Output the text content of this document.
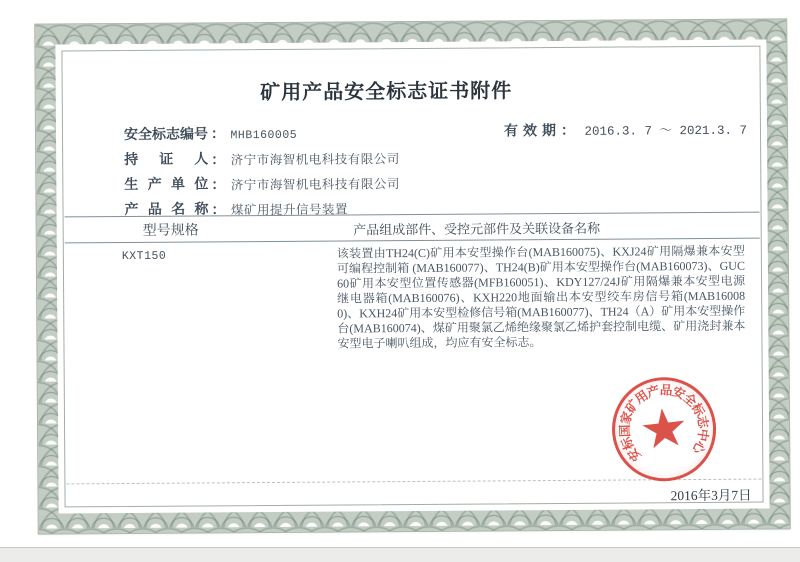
矿用产品安全标志证书附件
安全标志编号 ： MHB160005
持 证 人 ： 济宁市海智机电科技有限公司
生 产 单 位 ： 济宁市海智机电科技有限公司
产 品 名 称 ： 煤矿用提升信号装置
有效期： 2016.3. 7 ～ 2021.3. 7
型号规格	产品组成部件、受控元部件及关联设备名称
KXT150	该装置由TH24(C)矿用本安型操作台(MAB160075)、KXJ24矿用隔爆兼本安型可编程控制箱 (MAB160077)、TH24(B)矿用本安型操作台(MAB160073)、GUC60矿用本安型位置传感器(MFB160051)、KDY127/24J矿用隔爆兼本安型电源继电器箱(MAB160076)、KXH220地面输出本安型绞车房信号箱(MAB160080)、KXH24矿用本安型检修信号箱(MAB160077)、TH24（A）矿用本安型操作台(MAB160074)、煤矿用聚氯乙烯绝缘聚氯乙烯护套控制电缆、矿用浇封兼本安型电子喇叭组成，均应有安全标志。
安
标
国
家
矿
用
产
品
安
全
标
志
中
心
2016年3月7日
